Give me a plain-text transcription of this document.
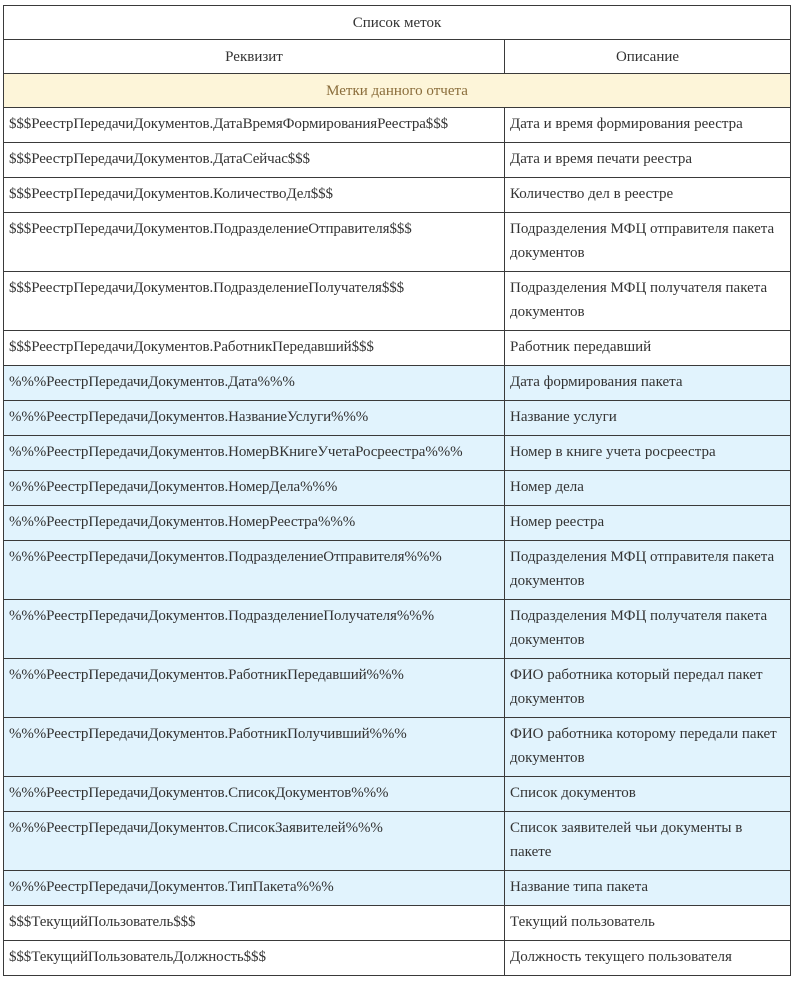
Список меток	
Реквизит	Описание
Метки данного отчета	
$$$РеестрПередачиДокументов.ДатаВремяФормированияРеестра$$$	Дата и время формирования реестра
$$$РеестрПередачиДокументов.ДатаСейчас$$$	Дата и время печати реестра
$$$РеестрПередачиДокументов.КоличествоДел$$$	Количество дел в реестре
$$$РеестрПередачиДокументов.ПодразделениеОтправителя$$$	Подразделения МФЦ отправителя пакета документов
$$$РеестрПередачиДокументов.ПодразделениеПолучателя$$$	Подразделения МФЦ получателя пакета документов
$$$РеестрПередачиДокументов.РаботникПередавший$$$	Работник передавший
%%%РеестрПередачиДокументов.Дата%%%	Дата формирования пакета
%%%РеестрПередачиДокументов.НазваниеУслуги%%%	Название услуги
%%%РеестрПередачиДокументов.НомерВКнигеУчетаРосреестра%%%	Номер в книге учета росреестра
%%%РеестрПередачиДокументов.НомерДела%%%	Номер дела
%%%РеестрПередачиДокументов.НомерРеестра%%%	Номер реестра
%%%РеестрПередачиДокументов.ПодразделениеОтправителя%%%	Подразделения МФЦ отправителя пакета документов
%%%РеестрПередачиДокументов.ПодразделениеПолучателя%%%	Подразделения МФЦ получателя пакета документов
%%%РеестрПередачиДокументов.РаботникПередавший%%%	ФИО работника который передал пакет документов
%%%РеестрПередачиДокументов.РаботникПолучивший%%%	ФИО работника которому передали пакет документов
%%%РеестрПередачиДокументов.СписокДокументов%%%	Список документов
%%%РеестрПередачиДокументов.СписокЗаявителей%%%	Список заявителей чьи документы в пакете
%%%РеестрПередачиДокументов.ТипПакета%%%	Название типа пакета
$$$ТекущийПользователь$$$	Текущий пользователь
$$$ТекущийПользовательДолжность$$$	Должность текущего пользователя
